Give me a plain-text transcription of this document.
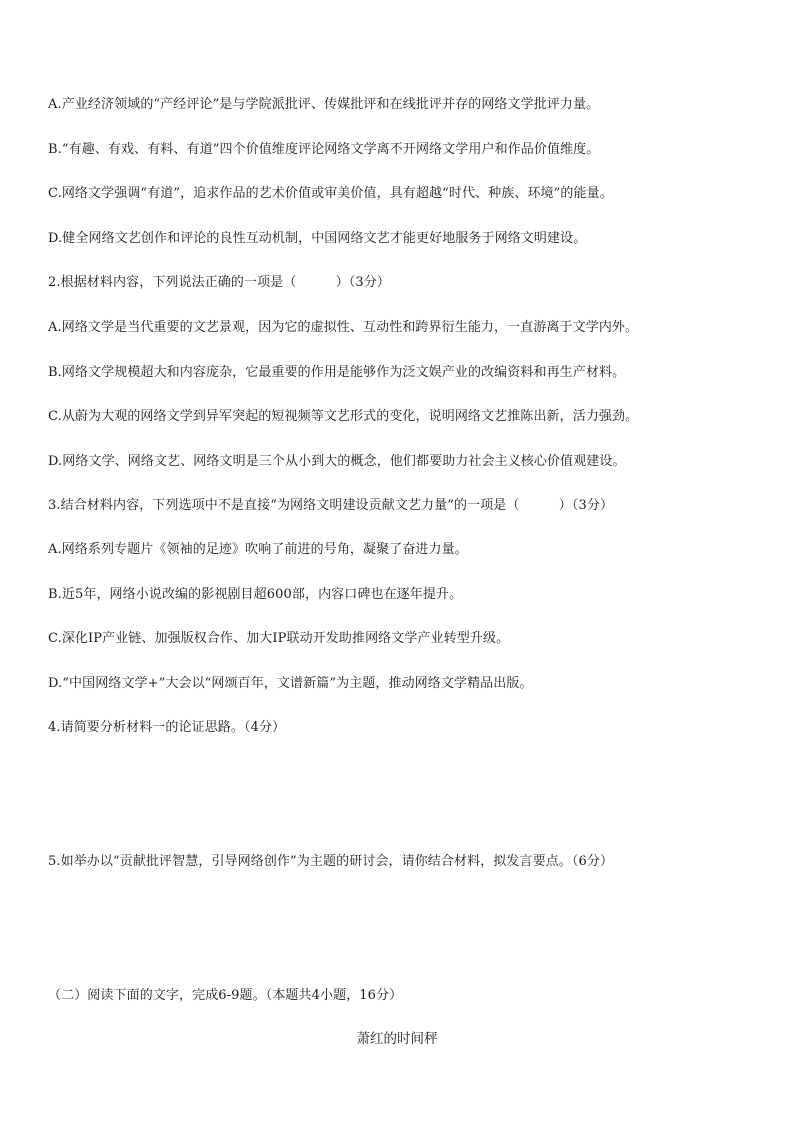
A.产业经济领域的“产经评论”是与学院派批评、传媒批评和在线批评并存的网络文学批评力量。
B.“有趣、有戏、有料、有道”四个价值维度评论网络文学离不开网络文学用户和作品价值维度。
C.网络文学强调“有道”，追求作品的艺术价值或审美价值，具有超越“时代、种族、环境”的能量。
D.健全网络文艺创作和评论的良性互动机制，中国网络文艺才能更好地服务于网络文明建设。
2.根据材料内容，下列说法正确的一项是（　　　）（3分）
A.网络文学是当代重要的文艺景观，因为它的虚拟性、互动性和跨界衍生能力，一直游离于文学内外。
B.网络文学规模超大和内容庞杂，它最重要的作用是能够作为泛文娱产业的改编资料和再生产材料。
C.从蔚为大观的网络文学到异军突起的短视频等文艺形式的变化，说明网络文艺推陈出新，活力强劲。
D.网络文学、网络文艺、网络文明是三个从小到大的概念，他们都要助力社会主义核心价值观建设。
3.结合材料内容，下列选项中不是直接“为网络文明建设贡献文艺力量”的一项是（　　　）（3分）
A.网络系列专题片《领袖的足迹》吹响了前进的号角，凝聚了奋进力量。
B.近5年，网络小说改编的影视剧目超600部，内容口碑也在逐年提升。
C.深化IP产业链、加强版权合作、加大IP联动开发助推网络文学产业转型升级。
D.“中国网络文学+”大会以“网颂百年，文谱新篇”为主题，推动网络文学精品出版。
4.请简要分析材料一的论证思路。（4分）
5.如举办以“贡献批评智慧，引导网络创作”为主题的研讨会，请你结合材料，拟发言要点。（6分）
（二）阅读下面的文字，完成6-9题。（本题共4小题，16分）
萧红的时间秤
